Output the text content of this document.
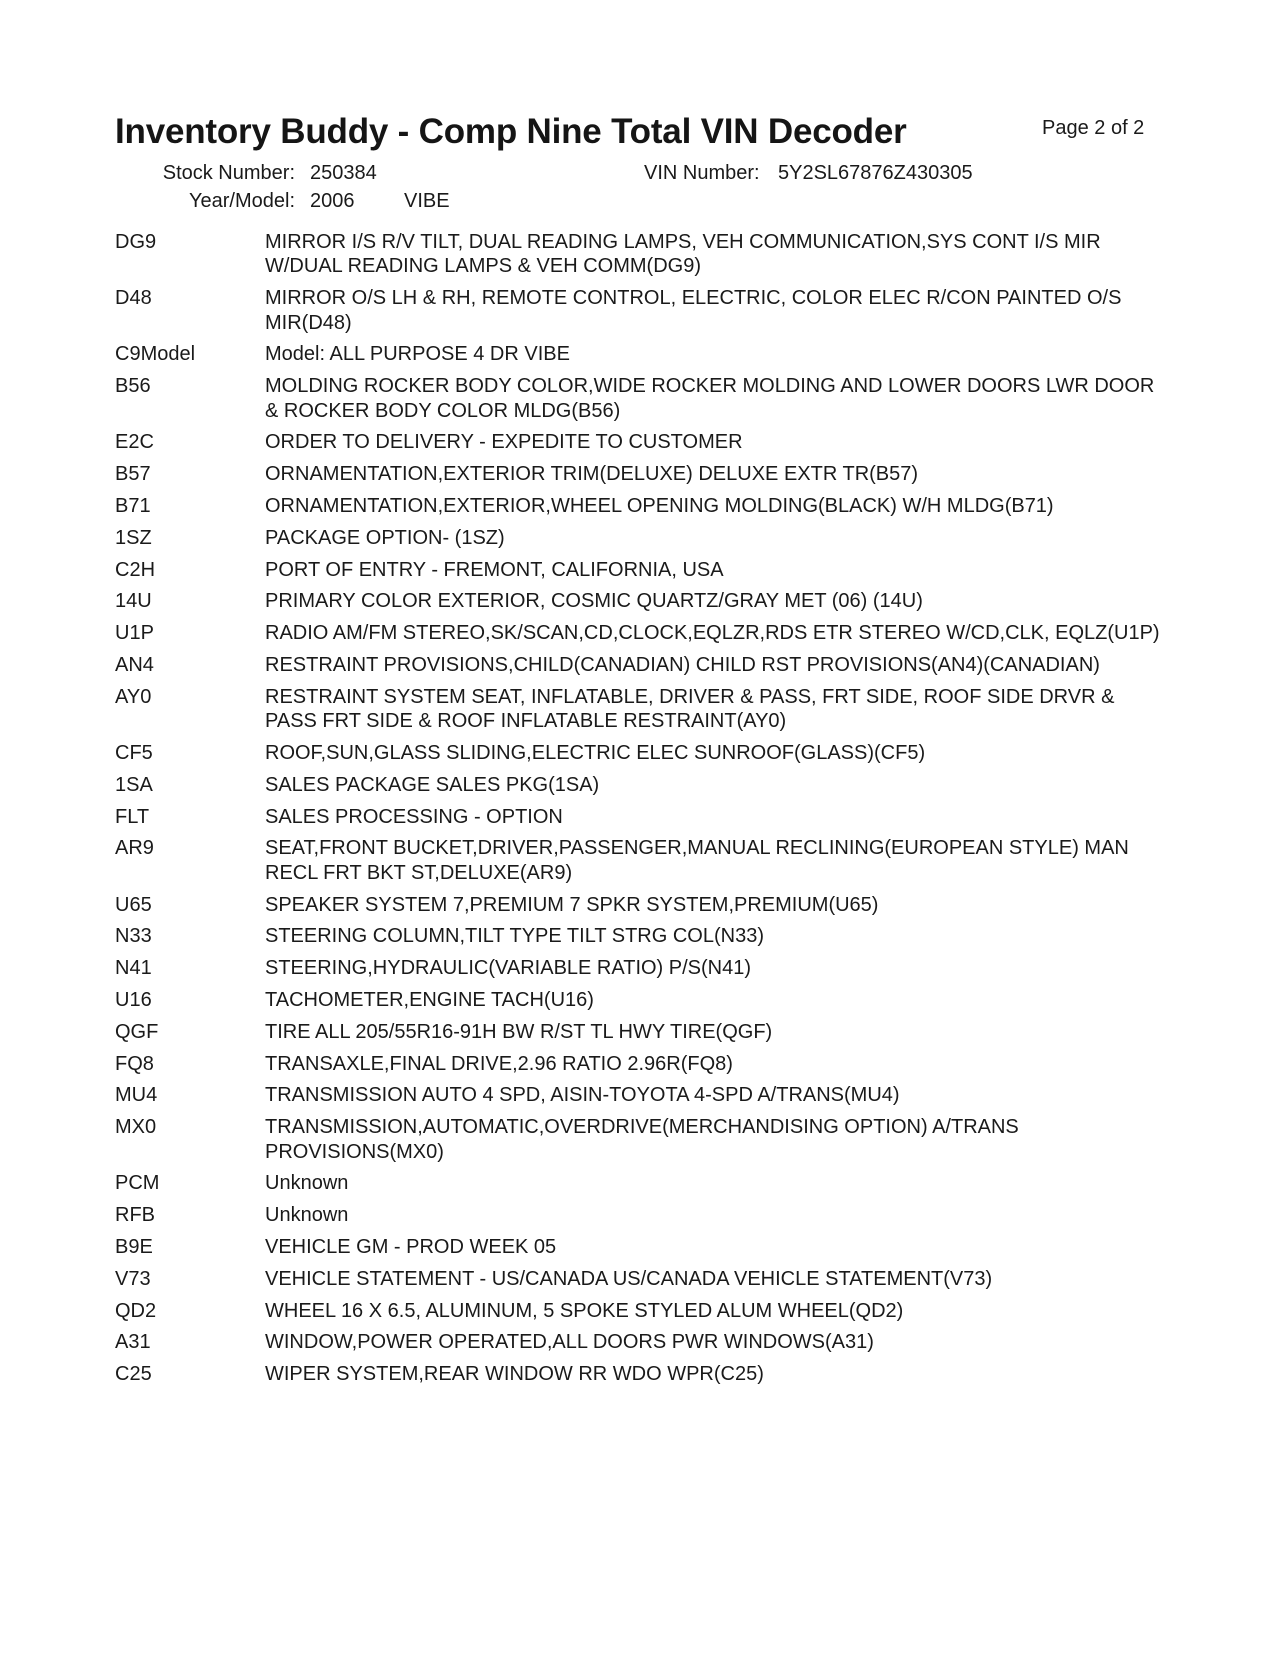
Inventory Buddy - Comp Nine Total VIN Decoder	Page 2 of 2
Stock Number: 250384	VIN Number: 5Y2SL67876Z430305
Year/Model: 2006 VIBE
DG9	MIRROR I/S R/V TILT, DUAL READING LAMPS, VEH COMMUNICATION,SYS CONT I/S MIR W/DUAL READING LAMPS & VEH COMM(DG9)
D48	MIRROR O/S LH & RH, REMOTE CONTROL, ELECTRIC, COLOR ELEC R/CON PAINTED O/S MIR(D48)
C9Model	Model: ALL PURPOSE 4 DR VIBE
B56	MOLDING ROCKER BODY COLOR,WIDE ROCKER MOLDING AND LOWER DOORS LWR DOOR & ROCKER BODY COLOR MLDG(B56)
E2C	ORDER TO DELIVERY - EXPEDITE TO CUSTOMER
B57	ORNAMENTATION,EXTERIOR TRIM(DELUXE) DELUXE EXTR TR(B57)
B71	ORNAMENTATION,EXTERIOR,WHEEL OPENING MOLDING(BLACK) W/H MLDG(B71)
1SZ	PACKAGE OPTION- (1SZ)
C2H	PORT OF ENTRY - FREMONT, CALIFORNIA, USA
14U	PRIMARY COLOR EXTERIOR, COSMIC QUARTZ/GRAY MET (06) (14U)
U1P	RADIO AM/FM STEREO,SK/SCAN,CD,CLOCK,EQLZR,RDS ETR STEREO W/CD,CLK, EQLZ(U1P)
AN4	RESTRAINT PROVISIONS,CHILD(CANADIAN) CHILD RST PROVISIONS(AN4)(CANADIAN)
AY0	RESTRAINT SYSTEM SEAT, INFLATABLE, DRIVER & PASS, FRT SIDE, ROOF SIDE DRVR & PASS FRT SIDE & ROOF INFLATABLE RESTRAINT(AY0)
CF5	ROOF,SUN,GLASS SLIDING,ELECTRIC ELEC SUNROOF(GLASS)(CF5)
1SA	SALES PACKAGE SALES PKG(1SA)
FLT	SALES PROCESSING - OPTION
AR9	SEAT,FRONT BUCKET,DRIVER,PASSENGER,MANUAL RECLINING(EUROPEAN STYLE) MAN RECL FRT BKT ST,DELUXE(AR9)
U65	SPEAKER SYSTEM 7,PREMIUM 7 SPKR SYSTEM,PREMIUM(U65)
N33	STEERING COLUMN,TILT TYPE TILT STRG COL(N33)
N41	STEERING,HYDRAULIC(VARIABLE RATIO) P/S(N41)
U16	TACHOMETER,ENGINE TACH(U16)
QGF	TIRE ALL 205/55R16-91H BW R/ST TL HWY TIRE(QGF)
FQ8	TRANSAXLE,FINAL DRIVE,2.96 RATIO 2.96R(FQ8)
MU4	TRANSMISSION AUTO 4 SPD, AISIN-TOYOTA 4-SPD A/TRANS(MU4)
MX0	TRANSMISSION,AUTOMATIC,OVERDRIVE(MERCHANDISING OPTION) A/TRANS PROVISIONS(MX0)
PCM	Unknown
RFB	Unknown
B9E	VEHICLE GM - PROD WEEK 05
V73	VEHICLE STATEMENT - US/CANADA US/CANADA VEHICLE STATEMENT(V73)
QD2	WHEEL 16 X 6.5, ALUMINUM, 5 SPOKE STYLED ALUM WHEEL(QD2)
A31	WINDOW,POWER OPERATED,ALL DOORS PWR WINDOWS(A31)
C25	WIPER SYSTEM,REAR WINDOW RR WDO WPR(C25)
